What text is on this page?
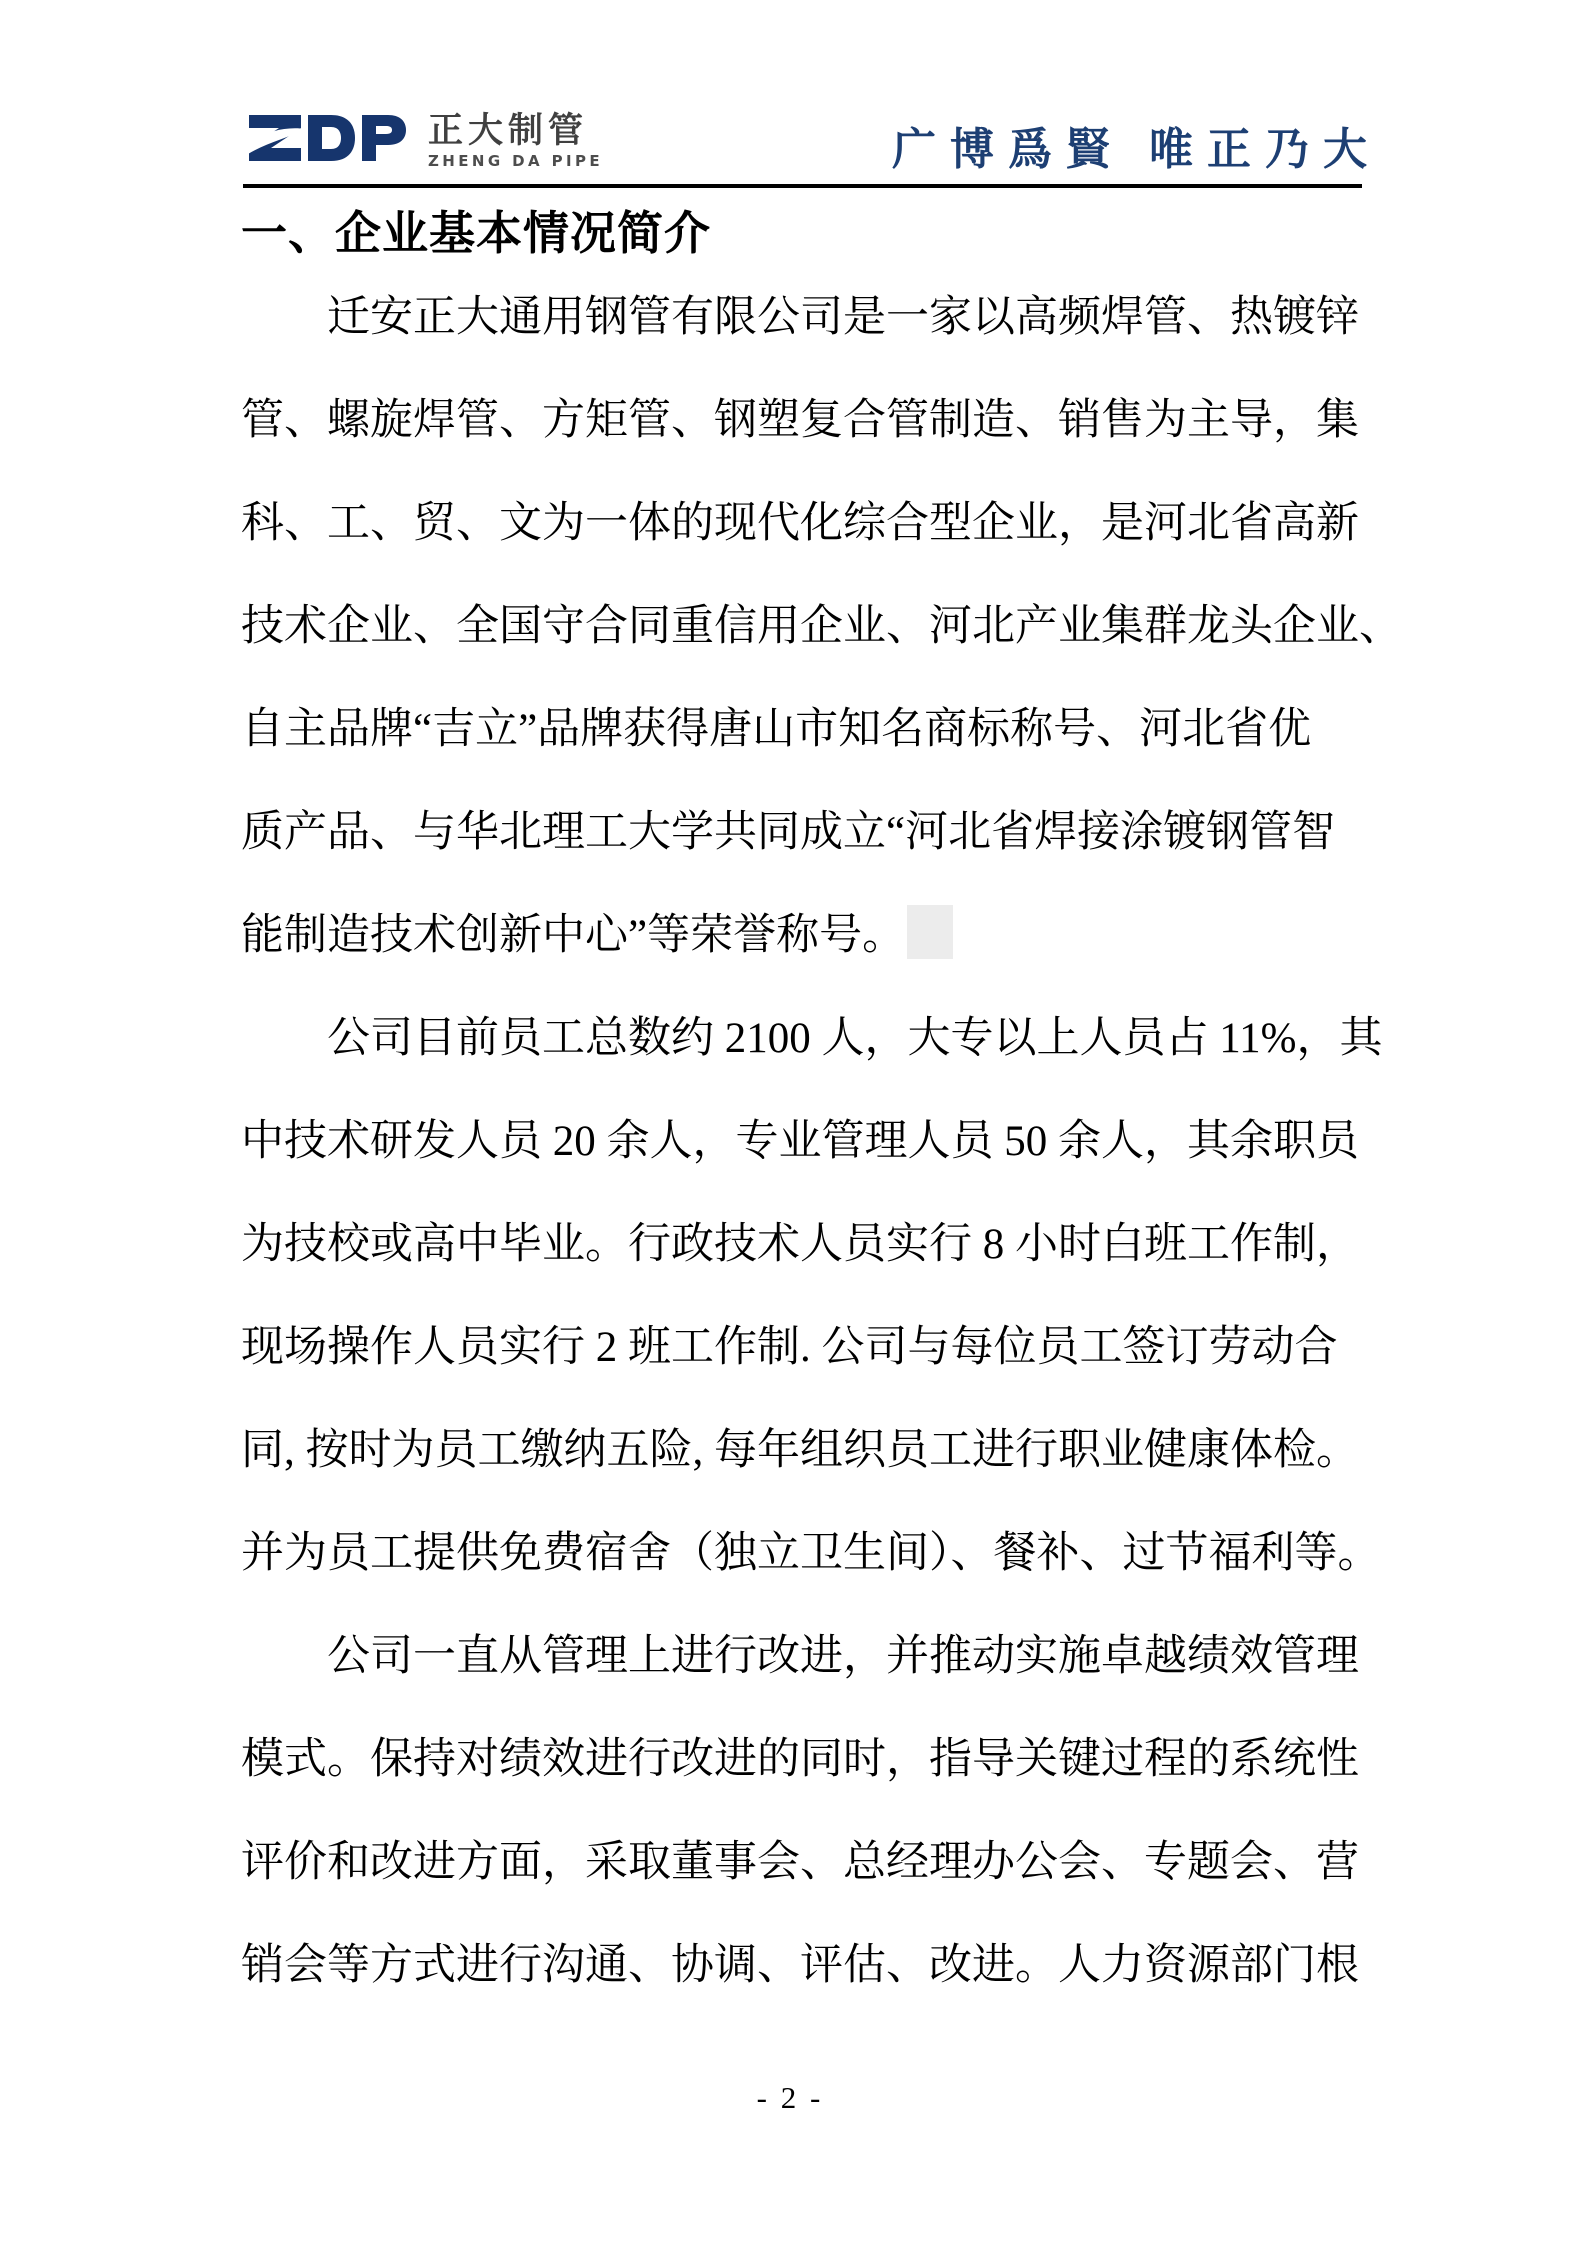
正大制管
ZHENG DA PIPE	广博爲賢 唯正乃大
一、企业基本情况简介
迁安正大通用钢管有限公司是一家以高频焊管、热镀锌
管、螺旋焊管、方矩管、钢塑复合管制造、销售为主导，集
科、工、贸、文为一体的现代化综合型企业，是河北省高新
技术企业、全国守合同重信用企业、河北产业集群龙头企业、
自主品牌“吉立”品牌获得唐山市知名商标称号、河北省优
质产品、与华北理工大学共同成立“河北省焊接涂镀钢管智
能制造技术创新中心”等荣誉称号。
公司目前员工总数约 2100 人，大专以上人员占 11%，其
中技术研发人员 20 余人，专业管理人员 50 余人，其余职员
为技校或高中毕业。行政技术人员实行 8 小时白班工作制，
现场操作人员实行 2 班工作制. 公司与每位员工签订劳动合
同, 按时为员工缴纳五险, 每年组织员工进行职业健康体检。
并为员工提供免费宿舍（独立卫生间）、餐补、过节福利等。
公司一直从管理上进行改进，并推动实施卓越绩效管理
模式。保持对绩效进行改进的同时，指导关键过程的系统性
评价和改进方面，采取董事会、总经理办公会、专题会、营
销会等方式进行沟通、协调、评估、改进。人力资源部门根
- 2 -
